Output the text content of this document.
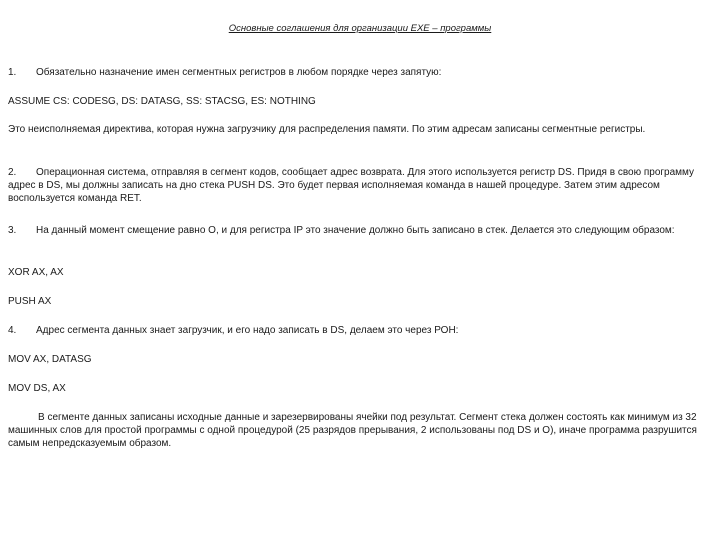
Основные соглашения для организации EXE – программы
1. Обязательно назначение имен сегментных регистров в любом порядке через запятую:
ASSUME CS: CODESG, DS: DATASG, SS: STACSG, ES: NOTHING
Это неисполняемая директива, которая нужна загрузчику для распределения памяти. По этим адресам записаны сегментные регистры.
2. Операционная система, отправляя в сегмент кодов, сообщает адрес возврата. Для этого используется регистр DS. Придя в свою программу адрес в DS, мы должны записать на дно стека PUSH DS. Это будет первая исполняемая команда в нашей процедуре. Затем этим адресом воспользуется команда RET.
3. На данный момент смещение равно О, и для регистра IP это значение должно быть записано в стек. Делается это следующим образом:
XOR AX, AX
PUSH AX
4. Адрес сегмента данных знает загрузчик, и его надо записать в DS, делаем это через РОН:
MOV AX, DATASG
MOV DS, AX
В сегменте данных записаны исходные данные и зарезервированы ячейки под результат. Сегмент стека должен состоять как минимум из 32 машинных слов для простой программы с одной процедурой (25 разрядов прерывания, 2 использованы под DS и О), иначе программа разрушится самым непредсказуемым образом.
